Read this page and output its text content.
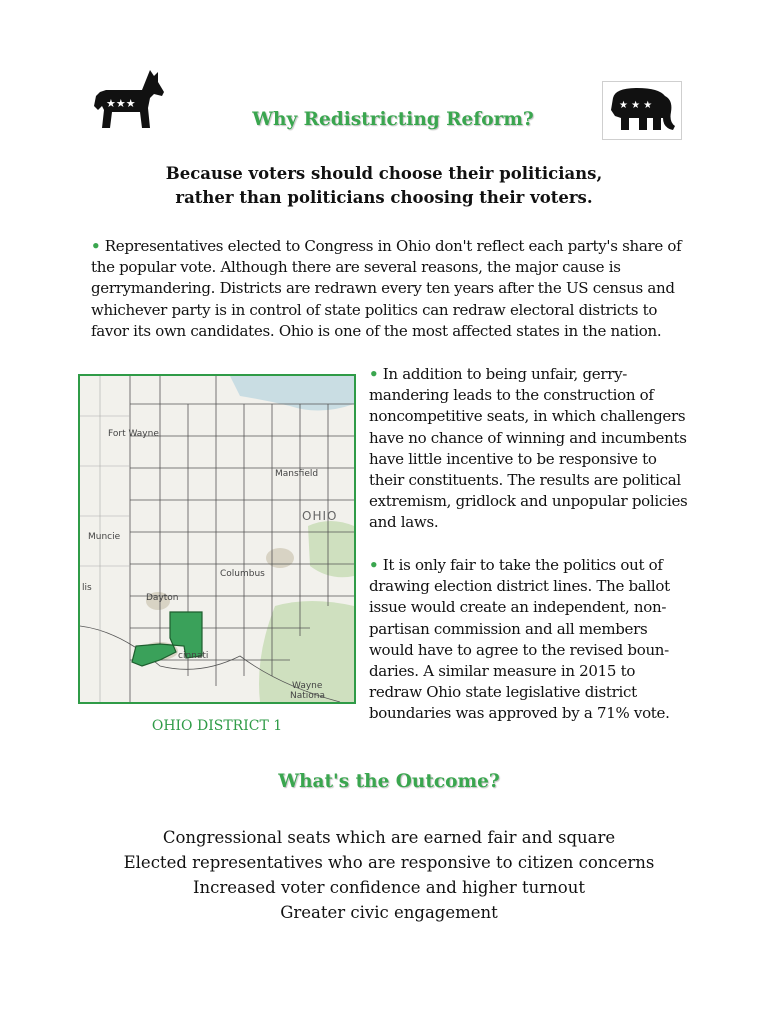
★★★	★ ★ ★
Why Redistricting Reform?
Because voters should choose their politicians,
rather than politicians choosing their voters.
• Representatives elected to Congress in Ohio don't reflect each party's share of the popular vote. Although there are several reasons, the major cause is gerrymandering. Districts are redrawn every ten years after the US census and whichever party is in control of state politics can redraw electoral districts to favor its own candidates. Ohio is one of the most affected states in the nation.
Fort Wayne
Mansfield
OHIO
Muncie
Columbus
Dayton
cinnati
lis
Wayne
Nationa
OHIO DISTRICT 1
• In addition to being unfair, gerry-mandering leads to the construction of noncompetitive seats, in which challengers have no chance of winning and incumbents have little incentive to be responsive to their constituents. The results are political extremism, gridlock and unpopular policies and laws.
• It is only fair to take the politics out of drawing election district lines. The ballot issue would create an independent, non-partisan commission and all members would have to agree to the revised boun-daries. A similar measure in 2015 to redraw Ohio state legislative district boundaries was approved by a 71% vote.
What's the Outcome?
Congressional seats which are earned fair and square
Elected representatives who are responsive to citizen concerns
Increased voter confidence and higher turnout
Greater civic engagement
